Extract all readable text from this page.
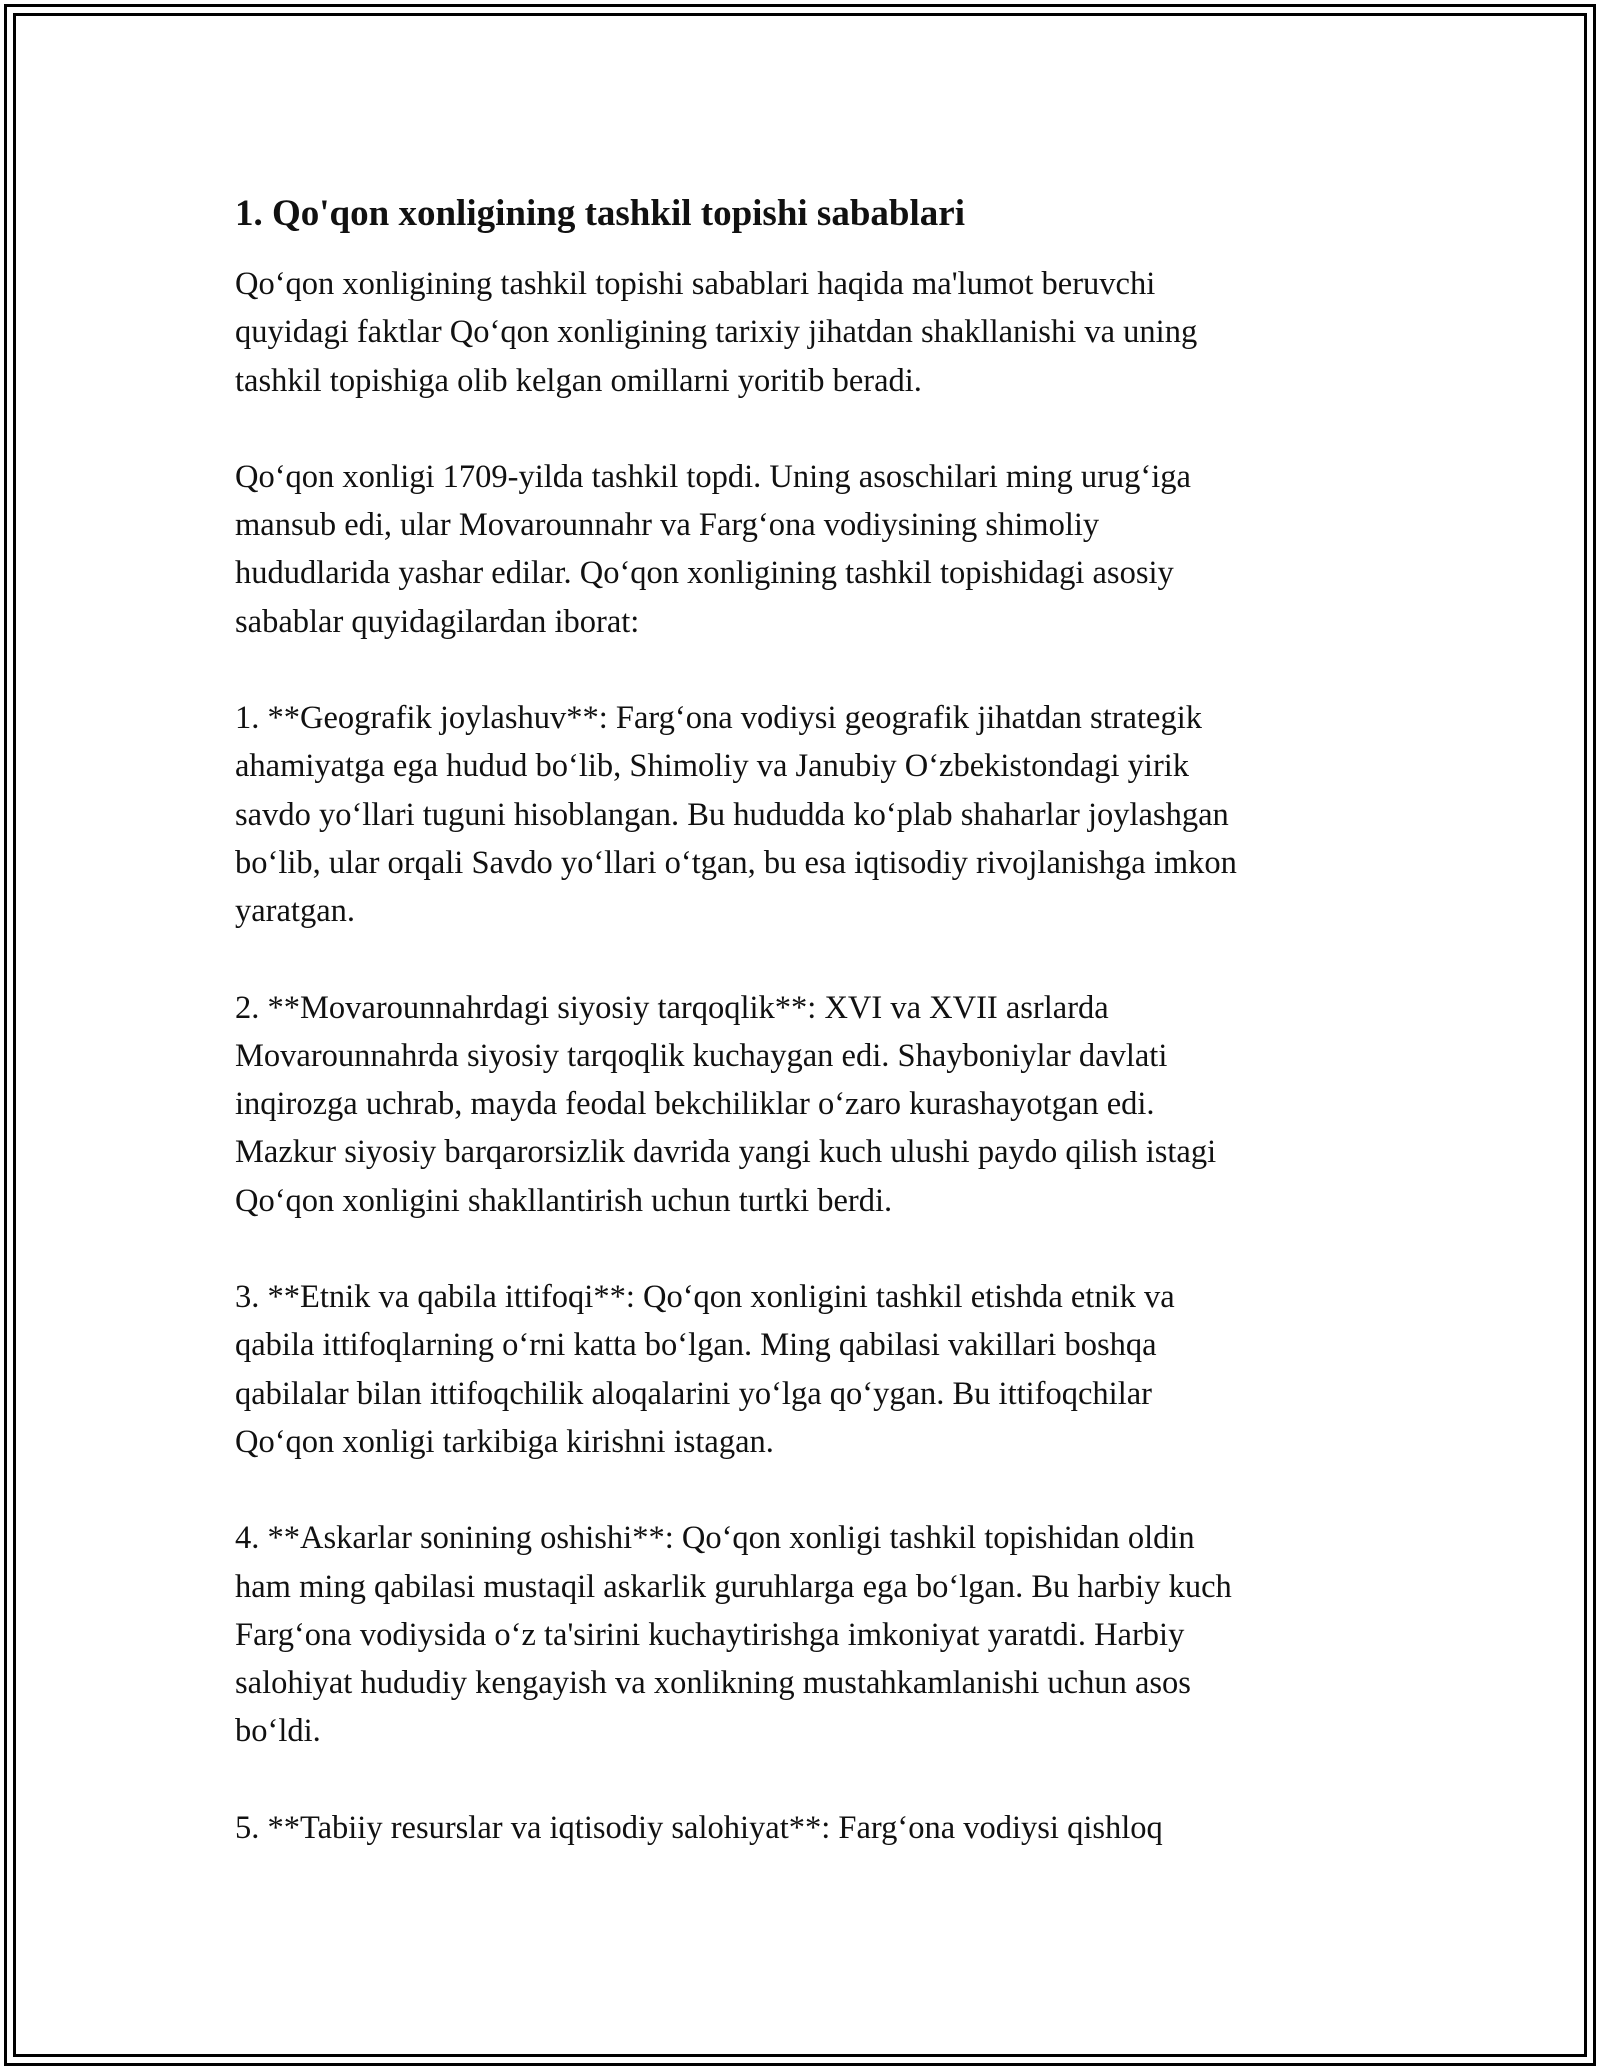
1. Qo'qon xonligining tashkil topishi sabablari
Qo‘qon xonligining tashkil topishi sabablari haqida ma'lumot beruvchi
quyidagi faktlar Qo‘qon xonligining tarixiy jihatdan shakllanishi va uning
tashkil topishiga olib kelgan omillarni yoritib beradi.
Qo‘qon xonligi 1709-yilda tashkil topdi. Uning asoschilari ming urug‘iga
mansub edi, ular Movarounnahr va Farg‘ona vodiysining shimoliy
hududlarida yashar edilar. Qo‘qon xonligining tashkil topishidagi asosiy
sabablar quyidagilardan iborat:
1. **Geografik joylashuv**: Farg‘ona vodiysi geografik jihatdan strategik
ahamiyatga ega hudud bo‘lib, Shimoliy va Janubiy O‘zbekistondagi yirik
savdo yo‘llari tuguni hisoblangan. Bu hududda ko‘plab shaharlar joylashgan
bo‘lib, ular orqali Savdo yo‘llari o‘tgan, bu esa iqtisodiy rivojlanishga imkon
yaratgan.
2. **Movarounnahrdagi siyosiy tarqoqlik**: XVI va XVII asrlarda
Movarounnahrda siyosiy tarqoqlik kuchaygan edi. Shayboniylar davlati
inqirozga uchrab, mayda feodal bekchiliklar o‘zaro kurashayotgan edi.
Mazkur siyosiy barqarorsizlik davrida yangi kuch ulushi paydo qilish istagi
Qo‘qon xonligini shakllantirish uchun turtki berdi.
3. **Etnik va qabila ittifoqi**: Qo‘qon xonligini tashkil etishda etnik va
qabila ittifoqlarning o‘rni katta bo‘lgan. Ming qabilasi vakillari boshqa
qabilalar bilan ittifoqchilik aloqalarini yo‘lga qo‘ygan. Bu ittifoqchilar
Qo‘qon xonligi tarkibiga kirishni istagan.
4. **Askarlar sonining oshishi**: Qo‘qon xonligi tashkil topishidan oldin
ham ming qabilasi mustaqil askarlik guruhlarga ega bo‘lgan. Bu harbiy kuch
Farg‘ona vodiysida o‘z ta'sirini kuchaytirishga imkoniyat yaratdi. Harbiy
salohiyat hududiy kengayish va xonlikning mustahkamlanishi uchun asos
bo‘ldi.
5. **Tabiiy resurslar va iqtisodiy salohiyat**: Farg‘ona vodiysi qishloq
